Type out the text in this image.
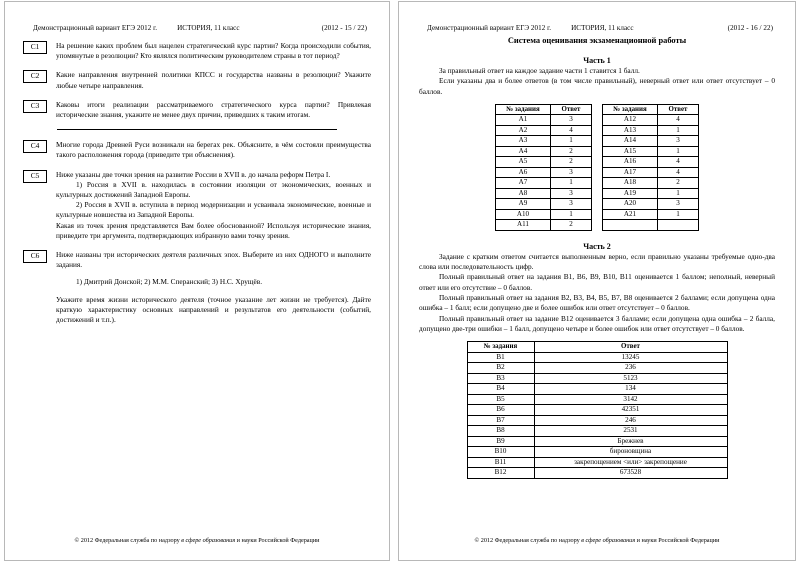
Демонстрационный вариант ЕГЭ 2012 г.	ИСТОРИЯ, 11 класс	(2012 - 15 / 22)
C1	На решение каких проблем был нацелен стратегический курс партии? Когда происходили события, упомянутые в резолюции? Кто являлся политическим руководителем страны в тот период?

C2	Какие направления внутренней политики КПСС и государства названы в резолюции? Укажите любые четыре направления.

C3	Каковы итоги реализации рассматриваемого стратегического курса партии? Привлекая исторические знания, укажите не менее двух причин, приведших к таким итогам.

C4	Многие города Древней Руси возникали на берегах рек. Объясните, в чём состояли преимущества такого расположения города (приведите три объяснения).

C5	Ниже указаны две точки зрения на развитие России в XVII в. до начала реформ Петра I.

1) Россия в XVII в. находилась в состоянии изоляции от экономических, военных и культурных достижений Западной Европы.

2) Россия в XVII в. вступила в период модернизации и усваивала экономические, военные и культурные новшества из Западной Европы.

Какая из точек зрения представляется Вам более обоснованной? Используя исторические знания, приведите три аргумента, подтверждающих избранную вами точку зрения.

C6	Ниже названы три исторических деятеля различных эпох. Выберите из них ОДНОГО и выполните задания.

1) Дмитрий Донской; 2) М.М. Сперанский; 3) Н.С. Хрущёв.

Укажите время жизни исторического деятеля (точное указание лет жизни не требуется). Дайте краткую характеристику основных направлений и результатов его деятельности (событий, достижений и т.п.).

© 2012 Федеральная служба по надзору в сфере образования и науки Российской Федерации
Демонстрационный вариант ЕГЭ 2012 г.	ИСТОРИЯ, 11 класс	(2012 - 16 / 22)
Система оценивания экзаменационной работы
Часть 1

За правильный ответ на каждое задание части 1 ставится 1 балл.

Если указаны два и более ответов (в том числе правильный), неверный ответ или ответ отсутствует – 0 баллов.

№ задания	Ответ
А1	3
А2	4
А3	1
А4	2
А5	2
А6	3
А7	1
А8	3
А9	3
А10	1
А11	2
№ задания	Ответ
А12	4
А13	1
А14	3
А15	1
А16	4
А17	4
А18	2
А19	1
А20	3
А21	1

Часть 2

Задание с кратким ответом считается выполненным верно, если правильно указаны требуемые одно-два слова или последовательность цифр.

Полный правильный ответ на задания В1, В6, В9, В10, В11 оценивается 1 баллом; неполный, неверный ответ или его отсутствие – 0 баллов.

Полный правильный ответ на задания В2, В3, В4, В5, В7, В8 оценивается 2 баллами; если допущена одна ошибка – 1 балл; если допущено две и более ошибок или ответ отсутствует – 0 баллов.

Полный правильный ответ на задание В12 оценивается 3 баллами; если допущена одна ошибка – 2 балла, допущено две-три ошибки – 1 балл, допущено четыре и более ошибок или ответ отсутствует – 0 баллов.

№ задания	Ответ
В1	13245
В2	236
В3	5123
В4	134
В5	3142
В6	42351
В7	246
В8	2531
В9	Брежнев
В10	бироновщина
В11	закрепощением <или> закрепощение
В12	673528
© 2012 Федеральная служба по надзору в сфере образования и науки Российской Федерации
